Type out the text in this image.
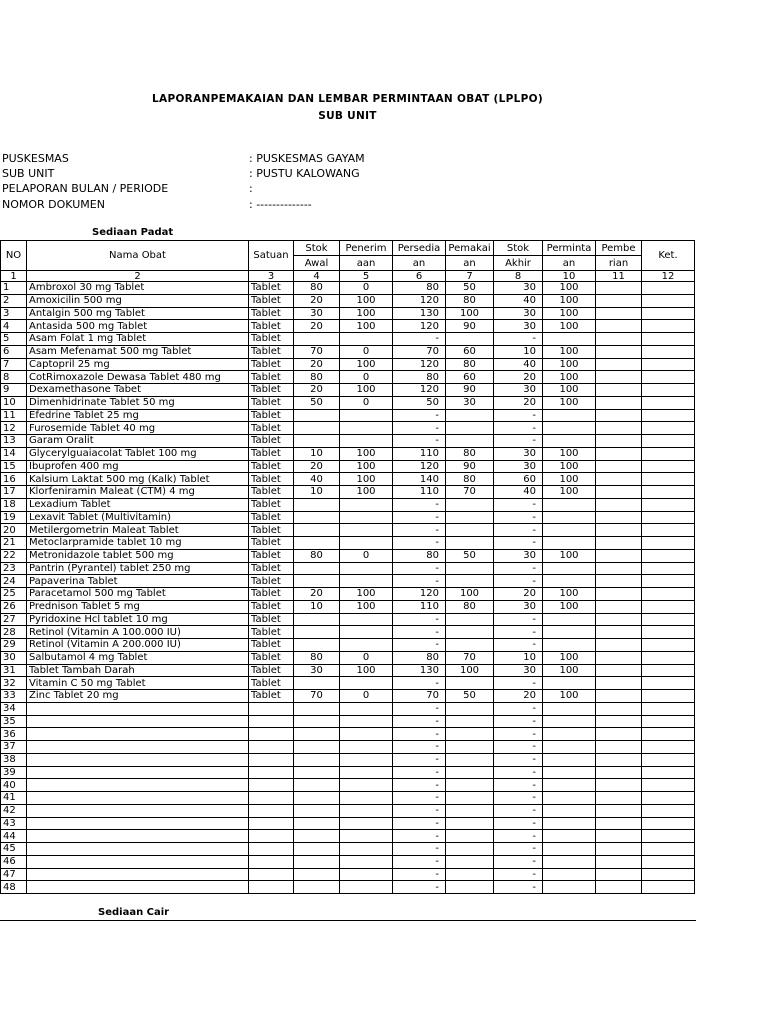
LAPORANPEMAKAIAN DAN LEMBAR PERMINTAAN OBAT (LPLPO)
SUB UNIT
PUSKESMAS	: PUSKESMAS GAYAM
SUB UNIT	: PUSTU KALOWANG
PELAPORAN BULAN / PERIODE	:
NOMOR DOKUMEN	: --------------
Sediaan Padat
NO	Nama Obat	Satuan	Stok	Penerim	Persedia	Pemakai	Stok	Perminta	Pembe	Ket.
			Awal	aan	an	an	Akhir	an	rian	
1	2	3	4	5	6	7	8	10	11	12
1	Ambroxol 30 mg Tablet	Tablet	80	0	80	50	30	100		
2	Amoxicilin 500 mg	Tablet	20	100	120	80	40	100		
3	Antalgin 500 mg Tablet	Tablet	30	100	130	100	30	100		
4	Antasida 500 mg Tablet	Tablet	20	100	120	90	30	100		
5	Asam Folat 1 mg Tablet	Tablet			-		-			
6	Asam Mefenamat 500 mg Tablet	Tablet	70	0	70	60	10	100		
7	Captopril 25 mg	Tablet	20	100	120	80	40	100		
8	CotRimoxazole Dewasa Tablet 480 mg	Tablet	80	0	80	60	20	100		
9	Dexamethasone Tabet	Tablet	20	100	120	90	30	100		
10	Dimenhidrinate Tablet 50 mg	Tablet	50	0	50	30	20	100		
11	Efedrine Tablet 25 mg	Tablet			-		-			
12	Furosemide Tablet 40 mg	Tablet			-		-			
13	Garam Oralit	Tablet			-		-			
14	Glycerylguaiacolat Tablet 100 mg	Tablet	10	100	110	80	30	100		
15	Ibuprofen 400 mg	Tablet	20	100	120	90	30	100		
16	Kalsium Laktat 500 mg (Kalk) Tablet	Tablet	40	100	140	80	60	100		
17	Klorfeniramin Maleat (CTM) 4 mg	Tablet	10	100	110	70	40	100		
18	Lexadium Tablet	Tablet			-		-			
19	Lexavit Tablet (Multivitamin)	Tablet			-		-			
20	Metilergometrin Maleat Tablet	Tablet			-		-			
21	Metoclarpramide tablet 10 mg	Tablet			-		-			
22	Metronidazole tablet 500 mg	Tablet	80	0	80	50	30	100		
23	Pantrin (Pyrantel) tablet 250 mg	Tablet			-		-			
24	Papaverina Tablet	Tablet			-		-			
25	Paracetamol 500 mg Tablet	Tablet	20	100	120	100	20	100		
26	Prednison Tablet 5 mg	Tablet	10	100	110	80	30	100		
27	Pyridoxine Hcl tablet 10 mg	Tablet			-		-			
28	Retinol (Vitamin A 100.000 IU)	Tablet			-		-			
29	Retinol (Vitamin A 200.000 IU)	Tablet			-		-			
30	Salbutamol 4 mg Tablet	Tablet	80	0	80	70	10	100		
31	Tablet Tambah Darah	Tablet	30	100	130	100	30	100		
32	Vitamin C 50 mg Tablet	Tablet			-		-			
33	Zinc Tablet 20 mg	Tablet	70	0	70	50	20	100		
34					-		-			
35					-		-			
36					-		-			
37					-		-			
38					-		-			
39					-		-			
40					-		-			
41					-		-			
42					-		-			
43					-		-			
44					-		-			
45					-		-			
46					-		-			
47					-		-			
48					-		-			
Sediaan Cair
